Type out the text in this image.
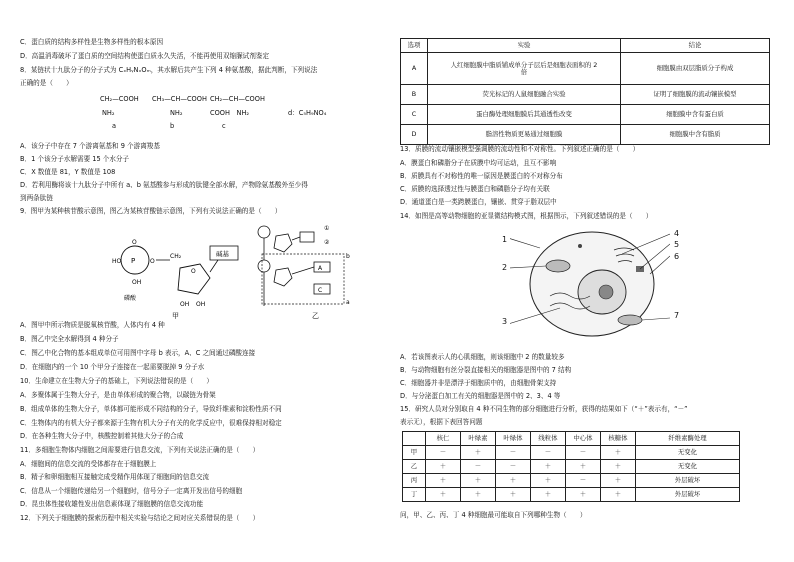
C．蛋白质的结构多样性是生物多样性的根本原因
D．高温消毒破坏了蛋白质的空间结构使蛋白质永久失活，不能再使用双缩脲试剂鉴定
8．某链状十九肽分子的分子式为 CₓHᵧNₓOₘ，其水解后共产生下列 4 种氨基酸，据此判断，下列说法
正确的是（　　）
CH₂—COOH
NH₂
CH₃—CH—COOH
NH₂
CH₂—CH—COOH
COOH　NH₂	d：C₅H₉NO₄
a	b	c
A．该分子中存在 7 个游离氨基和 9 个游离羧基
B．1 个该分子水解需要 15 个水分子
C．X 数值是 81，Y 数值是 108
D．若利用酶将该十九肽分子中所有 a、b 氨基酸参与形成的肽键全部水解，产物除氨基酸外至少得
到两条肽链
9．图甲为某种核苷酸示意图，图乙为某核苷酸链示意图，下列有关说法正确的是（　　）
P
O
HO
OH
O
CH₂
O
碱基
OH OH
磷酸
甲
A
C
b
a
①
②
乙
A．图甲中所示物质是脱氧核苷酸，人体内有 4 种
B．图乙中完全水解得到 4 种分子
C．图乙中化合物的基本组成单位可用图中字母 b 表示，A、C 之间通过磷酸连接
D．在细胞内的一个 10 个甲分子连接在一起需要脱掉 9 分子水
10．生命建立在生物大分子的基础上，下列说法错误的是（　　）
A．多聚体属于生物大分子，是由单体形成的聚合物，以碳链为骨架
B．组成单体的生物大分子，单体都可能形成不同结构的分子，导致纤维素和淀粉性质不同
C．生物体内的有机大分子都来源于生物有机大分子有关的化学反应中，很难保持相对稳定
D．在各种生物大分子中，核酸控制着其他大分子的合成
11．多细胞生物体内细胞之间需要进行信息交流，下列有关说法正确的是（　　）
A．细胞间的信息交流的受体都存在于细胞膜上
B．精子和卵细胞相互接触完成受精作用体现了细胞间的信息交流
C．信息从一个细胞传递给另一个细胞时，信号分子一定离开发出信号的细胞
D．昆虫体性接收雄性发出信息素体现了细胞膜的信息交流功能
12．下列关于细胞膜的探索历程中相关实验与结论之间对应关系错误的是（　　）
选项	实验	结论
A	人红细胞膜中脂质铺成单分子层后是细胞表面积的 2 倍	细胞膜由双层脂质分子构成
B	荧光标记的人鼠细胞融合实验	证明了细胞膜的流动镶嵌模型
C	蛋白酶处理细胞膜后其通透性改变	细胞膜中含有蛋白质
D	脂溶性物质更易通过细胞膜	细胞膜中含有脂质
13．质膜的流动镶嵌模型强调膜的流动性和不对称性。下列叙述正确的是（　　）
A．膜蛋白和磷脂分子在质膜中均可运动，且互不影响
B．质膜具有不对称性的唯一原因是膜蛋白的不对称分布
C．质膜的选择透过性与膜蛋白和磷脂分子均有关联
D．通道蛋白是一类跨膜蛋白，镶嵌、贯穿于脂双层中
14．如图是高等动物细胞的亚显微结构模式图，根据图示，下列叙述错误的是（　　）
1
2
3
4
5
6
7
A．若该图表示人的心肌细胞，则该细胞中 2 的数量较多
B．与动物细胞有丝分裂直接相关的细胞器是图中的 7 结构
C．细胞器并非是漂浮于细胞质中的，由细胞骨架支持
D．与分泌蛋白加工有关的细胞器是图中的 2、3、4 等
15．研究人员对分别取自 4 种不同生物的部分细胞进行分析，获得的结果如下（“＋”表示有，“－”
表示无），根据下表回答问题
	核仁	叶绿素	叶绿体	线粒体	中心体	核糖体	纤维素酶处理
甲	－	＋	－	－	－	＋	无变化
乙	＋	－	－	＋	＋	＋	无变化
丙	＋	＋	＋	＋	－	＋	外层破坏
丁	＋	＋	＋	＋	＋	＋	外层破坏
问，甲、乙、丙、丁 4 种细胞最可能取自下列哪种生物（　　）
